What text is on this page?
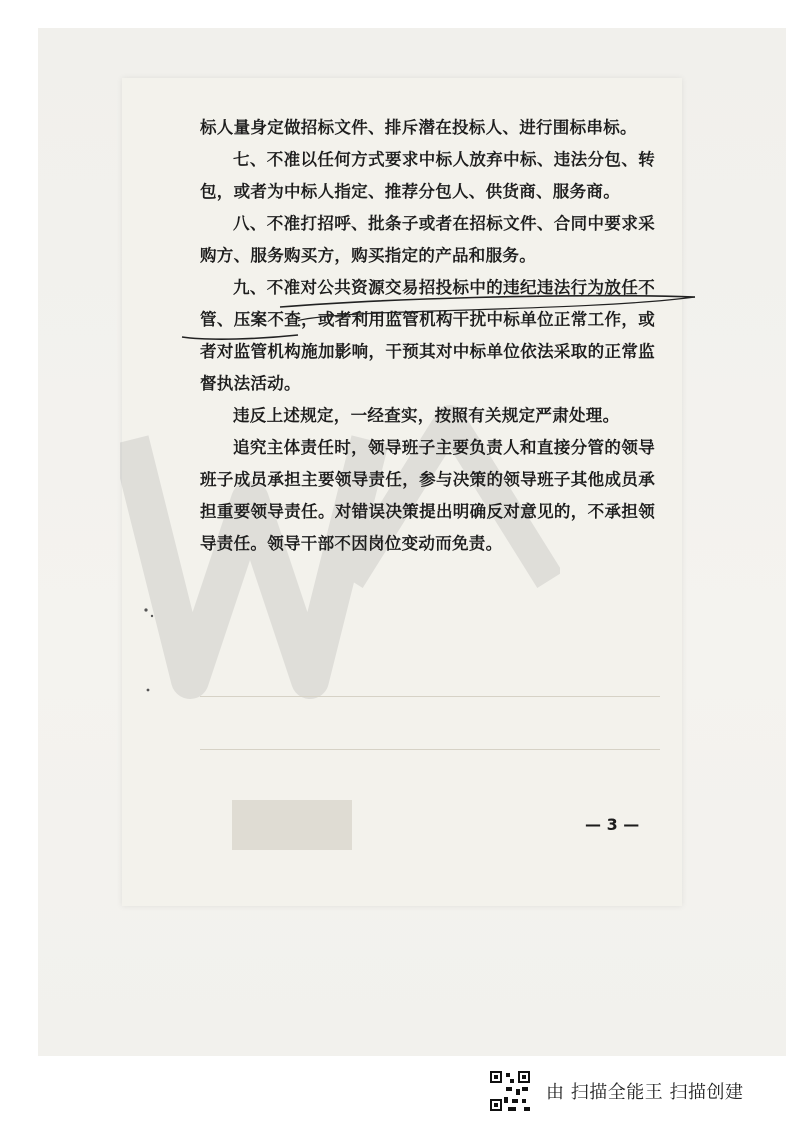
标人量身定做招标文件、排斥潜在投标人、进行围标串标。

七、不准以任何方式要求中标人放弃中标、违法分包、转包，或者为中标人指定、推荐分包人、供货商、服务商。

八、不准打招呼、批条子或者在招标文件、合同中要求采购方、服务购买方，购买指定的产品和服务。

九、不准对公共资源交易招投标中的违纪违法行为放任不管、压案不查，或者利用监管机构干扰中标单位正常工作，或者对监管机构施加影响，干预其对中标单位依法采取的正常监督执法活动。

违反上述规定，一经查实，按照有关规定严肃处理。

追究主体责任时，领导班子主要负责人和直接分管的领导班子成员承担主要领导责任，参与决策的领导班子其他成员承担重要领导责任。对错误决策提出明确反对意见的，不承担领导责任。领导干部不因岗位变动而免责。

— 3 —
由 扫描全能王 扫描创建
